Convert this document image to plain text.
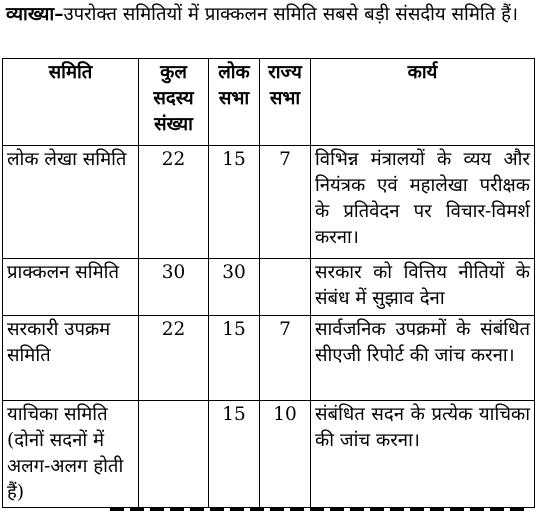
व्याख्या–उपरोक्त समितियों में प्राक्कलन समिति सबसे बड़ी संसदीय समिति हैं।
समिति	कुल सदस्य संख्या	लोक सभा	राज्य सभा	कार्य
लोक लेखा समिति	22	15	7	विभिन्न मंत्रालयों के व्यय और नियंत्रक एवं महालेखा परीक्षक के प्रतिवेदन पर विचार-विमर्श करना।
प्राक्कलन समिति	30	30		सरकार को वित्तिय नीतियों के संबंध में सुझाव देना
सरकारी उपक्रम समिति	22	15	7	सार्वजनिक उपक्रमों के संबंधित सीएजी रिपोर्ट की जांच करना।
याचिका समिति (दोनों सदनों में अलग-अलग होती हैं)		15	10	संबंधित सदन के प्रत्येक याचिका की जांच करना।
